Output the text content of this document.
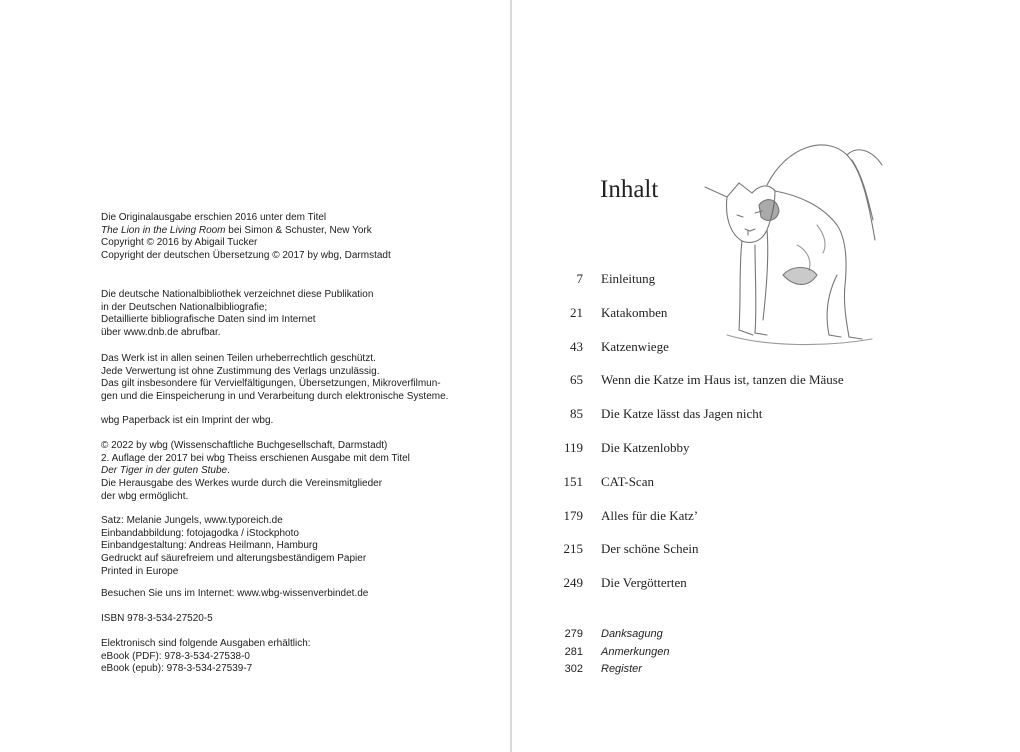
Die Originalausgabe erschien 2016 unter dem Titel
The Lion in the Living Room bei Simon & Schuster, New York
Copyright © 2016 by Abigail Tucker
Copyright der deutschen Übersetzung © 2017 by wbg, Darmstadt
Die deutsche Nationalbibliothek verzeichnet diese Publikation
in der Deutschen Nationalbibliografie;
Detaillierte bibliografische Daten sind im Internet
über www.dnb.de abrufbar.
Das Werk ist in allen seinen Teilen urheberrechtlich geschützt.
Jede Verwertung ist ohne Zustimmung des Verlags unzulässig.
Das gilt insbesondere für Vervielfältigungen, Übersetzungen, Mikroverfilmun-
gen und die Einspeicherung in und Verarbeitung durch elektronische Systeme.
wbg Paperback ist ein Imprint der wbg.
© 2022 by wbg (Wissenschaftliche Buchgesellschaft, Darmstadt)
2. Auflage der 2017 bei wbg Theiss erschienen Ausgabe mit dem Titel
Der Tiger in der guten Stube.
Die Herausgabe des Werkes wurde durch die Vereinsmitglieder
der wbg ermöglicht.
Satz: Melanie Jungels, www.typoreich.de
Einbandabbildung: fotojagodka / iStockphoto
Einbandgestaltung: Andreas Heilmann, Hamburg
Gedruckt auf säurefreiem und alterungsbeständigem Papier
Printed in Europe
Besuchen Sie uns im Internet: www.wbg-wissenverbindet.de
ISBN 978-3-534-27520-5
Elektronisch sind folgende Ausgaben erhältlich:
eBook (PDF): 978-3-534-27538-0
eBook (epub): 978-3-534-27539-7
Inhalt
7 Einleitung
21 Katakomben
43 Katzenwiege
65 Wenn die Katze im Haus ist, tanzen die Mäuse
85 Die Katze lässt das Jagen nicht
119 Die Katzenlobby
151 CAT-Scan
179 Alles für die Katz’
215 Der schöne Schein
249 Die Vergötterten
279 Danksagung
281 Anmerkungen
302 Register
